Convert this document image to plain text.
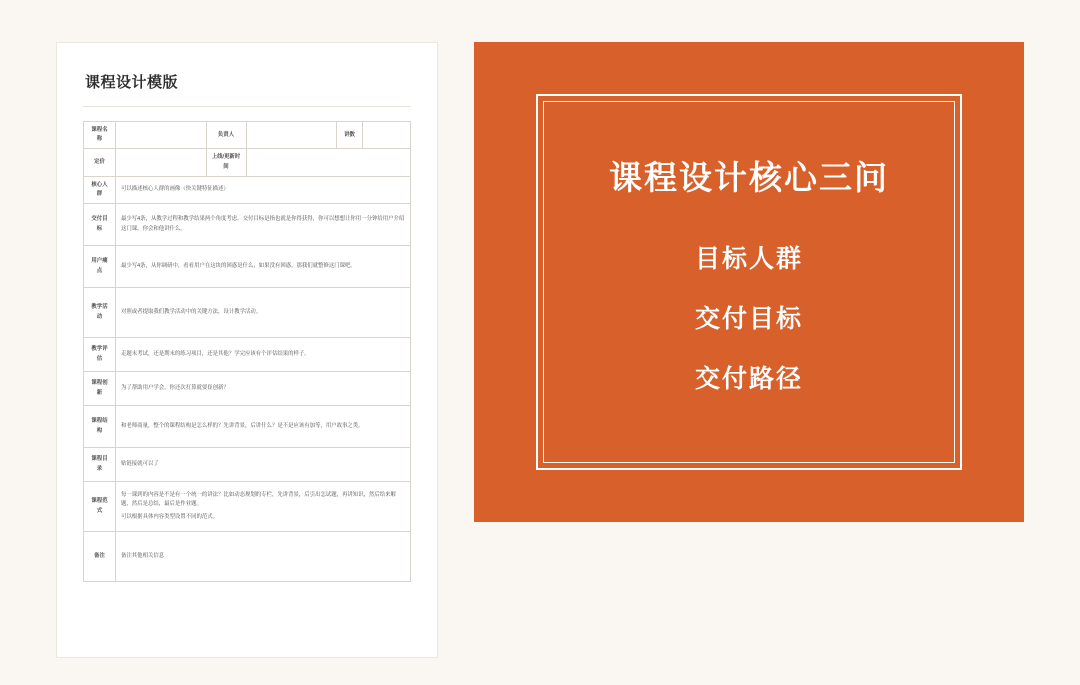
课程设计模版
课程名称		负责人		讲数	
定价		上线/更新时间			
核心人群	可以描述核心人群的画像（快关键特征描述）				

交付目标	最少写4条，从教学过程和教学结果两个角度考虑。交付目标是指也就是你得获得，你可以想想让你用一分钟给用户介绍这门课，你会和他讲什么。				

用户痛点	最少写4条，从你调研中，看看用户在这块的困惑是什么，如果没有困惑，那我们就整修这门课吧。				

教学活动	对照或者提取我们教学活动中的关键方法，设计教学活动。				

教学评估	走题末考试，还是期末的练习项目，还是其他？学完应该有个评估结果的样子。				

课程创新	为了帮助用户学会，你还次打算就要崔创新？				

课程结构	和老师商量，整个的课程结构是怎么样的？先讲背景，后讲什么？是不是应该有加等，用户故事之类。				

课程目录	贴链接就可以了				

课程范式	每一课到的内容是不是有一个统一的讲法？比如动态规划的专栏，先讲背景，后引出怎试题，再讲知识，然后给来解题，然后是总结，最后是作业题。

可以根据具体内容类型设置不同的范式。				

备注	备注其他相关信息				

课程设计核心三问
目标人群
交付目标
交付路径
